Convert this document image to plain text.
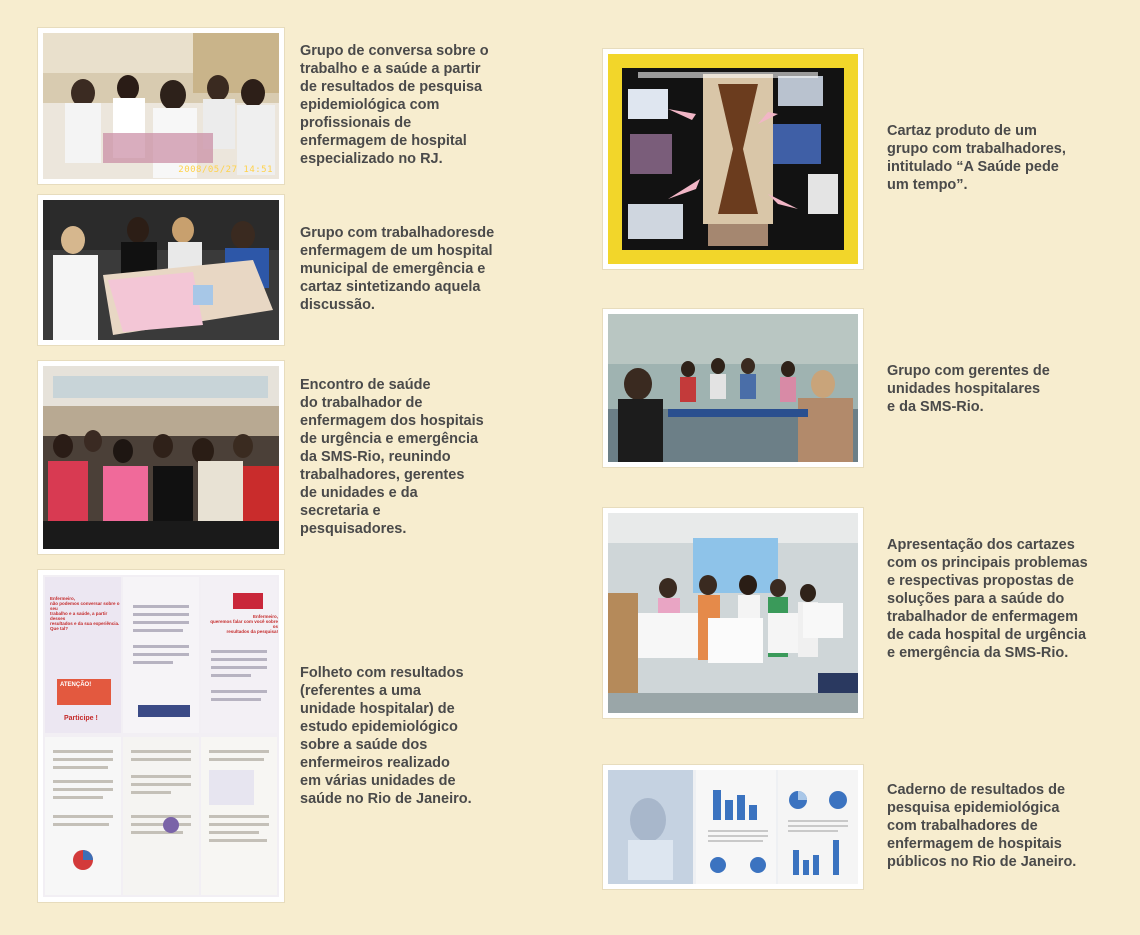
2008/05/27 14:51

Grupo de conversa sobre o
trabalho e a saúde a partir
de resultados de pesquisa
epidemiológica com
profissionais de
enfermagem de hospital
especializado no RJ.

Grupo com trabalhadoresde
enfermagem de um hospital
municipal de emergência e
cartaz sintetizando aquela
discussão.

Encontro de saúde
do trabalhador de
enfermagem dos hospitais
de urgência e emergência
da SMS-Rio, reunindo
trabalhadores, gerentes
de unidades e da
secretaria e
pesquisadores.

Enfermeiro,
não podemos conversar sobre o seu
trabalho e a saúde, a partir desses
resultados e da sua experiência.
Que tal?
Enfermeiro,
queremos falar com você sobre os
resultados da pesquisa!
ATENÇÃO!
Participe !

Folheto com resultados
(referentes a uma
unidade hospitalar) de
estudo epidemiológico
sobre a saúde dos
enfermeiros realizado
em várias unidades de
saúde no Rio de Janeiro.

Cartaz produto de um
grupo com trabalhadores,
intitulado “A Saúde pede
um tempo”.

Grupo com gerentes de
unidades hospitalares
e da SMS-Rio.

Apresentação dos cartazes
com os principais problemas
e respectivas propostas de
soluções para a saúde do
trabalhador de enfermagem
de cada hospital de urgência
e emergência da SMS-Rio.

Caderno de resultados de
pesquisa epidemiológica
com trabalhadores de
enfermagem de hospitais
públicos no Rio de Janeiro.
